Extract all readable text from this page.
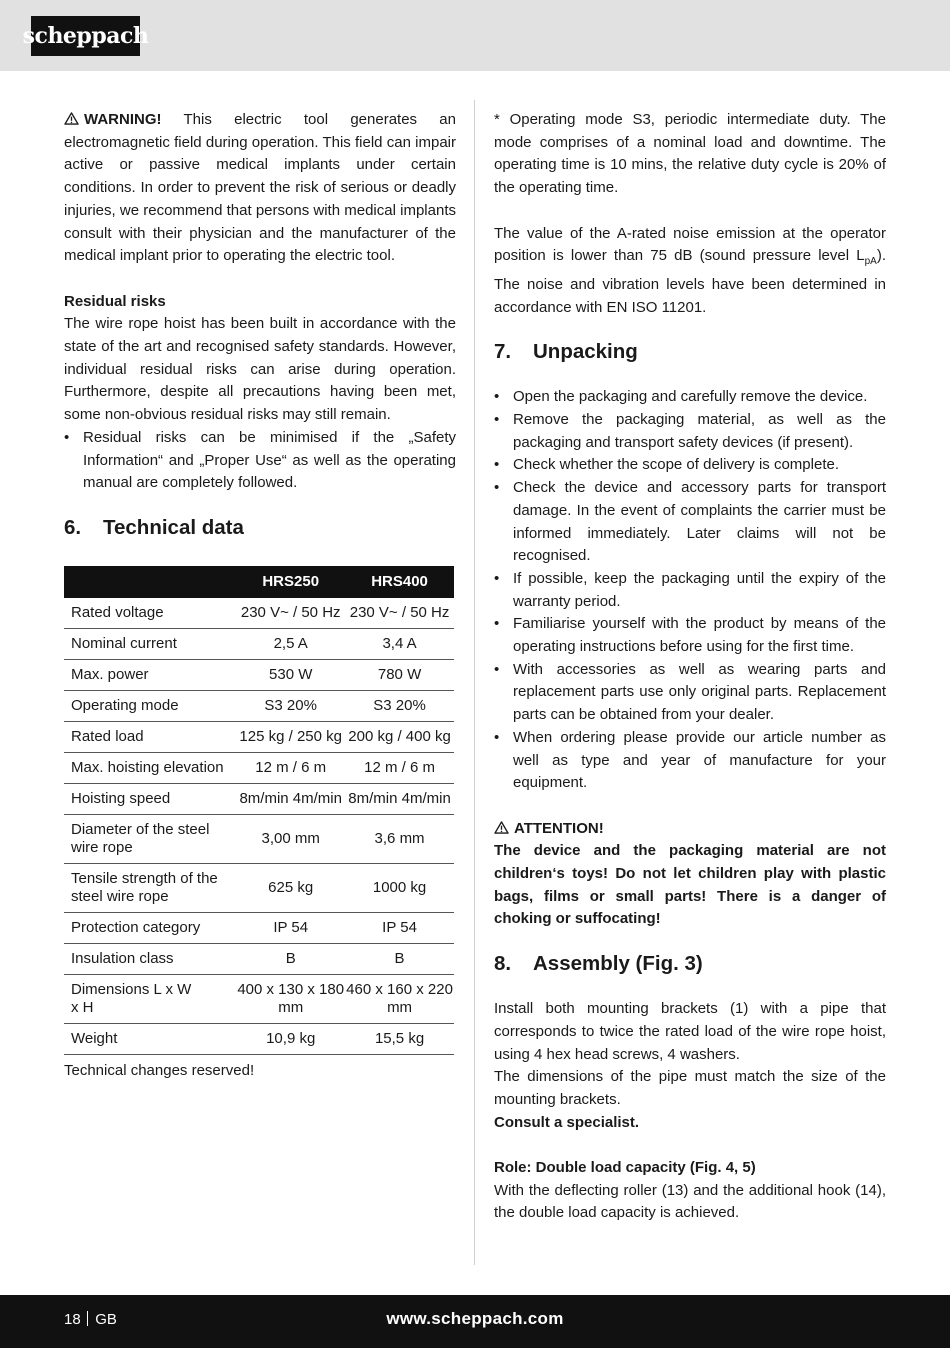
scheppach

WARNING! This electric tool generates an electromagnetic field during operation. This field can impair active or passive medical implants under certain conditions. In order to prevent the risk of serious or deadly injuries, we recommend that persons with medical implants consult with their physician and the manufacturer of the medical implant prior to operating the electric tool.

Residual risks

The wire rope hoist has been built in accordance with the state of the art and recognised safety standards. However, individual residual risks can arise during operation. Furthermore, despite all precautions having been met, some non-obvious residual risks may still remain.

• Residual risks can be minimised if the „Safety Information“ and „Proper Use“ as well as the operating manual are completely followed.
6. Technical data
	HRS250	HRS400
Rated voltage	230 V~ / 50 Hz	230 V~ / 50 Hz
Nominal current	2,5 A	3,4 A
Max. power	530 W	780 W
Operating mode	S3 20%	S3 20%
Rated load	125 kg / 250 kg	200 kg / 400 kg
Max. hoisting elevation	12 m / 6 m	12 m / 6 m
Hoisting speed	8m/min 4m/min	8m/min 4m/min
Diameter of the steel wire rope	3,00 mm	3,6 mm
Tensile strength of the steel wire rope	625 kg	1000 kg
Protection category	IP 54	IP 54
Insulation class	B	B
Dimensions L x W x H	400 x 130 x 180 mm	460 x 160 x 220 mm
Weight	10,9 kg	15,5 kg

Technical changes reserved!

* Operating mode S3, periodic intermediate duty. The mode comprises of a nominal load and downtime. The operating time is 10 mins, the relative duty cycle is 20% of the operating time.

The value of the A-rated noise emission at the operator position is lower than 75 dB (sound pressure level $L_{pA}$). The noise and vibration levels have been determined in accordance with EN ISO 11201.

7. Unpacking
• Open the packaging and carefully remove the device.
• Remove the packaging material, as well as the packaging and transport safety devices (if present).
• Check whether the scope of delivery is complete.
• Check the device and accessory parts for transport damage. In the event of complaints the carrier must be informed immediately. Later claims will not be recognised.
• If possible, keep the packaging until the expiry of the warranty period.
• Familiarise yourself with the product by means of the operating instructions before using for the first time.
• With accessories as well as wearing parts and replacement parts use only original parts. Replacement parts can be obtained from your dealer.
• When ordering please provide our article number as well as type and year of manufacture for your equipment.

ATTENTION!

The device and the packaging material are not children‘s toys! Do not let children play with plastic bags, films or small parts! There is a danger of choking or suffocating!

8. Assembly (Fig. 3)

Install both mounting brackets (1) with a pipe that corresponds to twice the rated load of the wire rope hoist, using 4 hex head screws, 4 washers.

The dimensions of the pipe must match the size of the mounting brackets.

Consult a specialist.

Role: Double load capacity (Fig. 4, 5)

With the deflecting roller (13) and the additional hook (14), the double load capacity is achieved.

18 GB	www.scheppach.com
